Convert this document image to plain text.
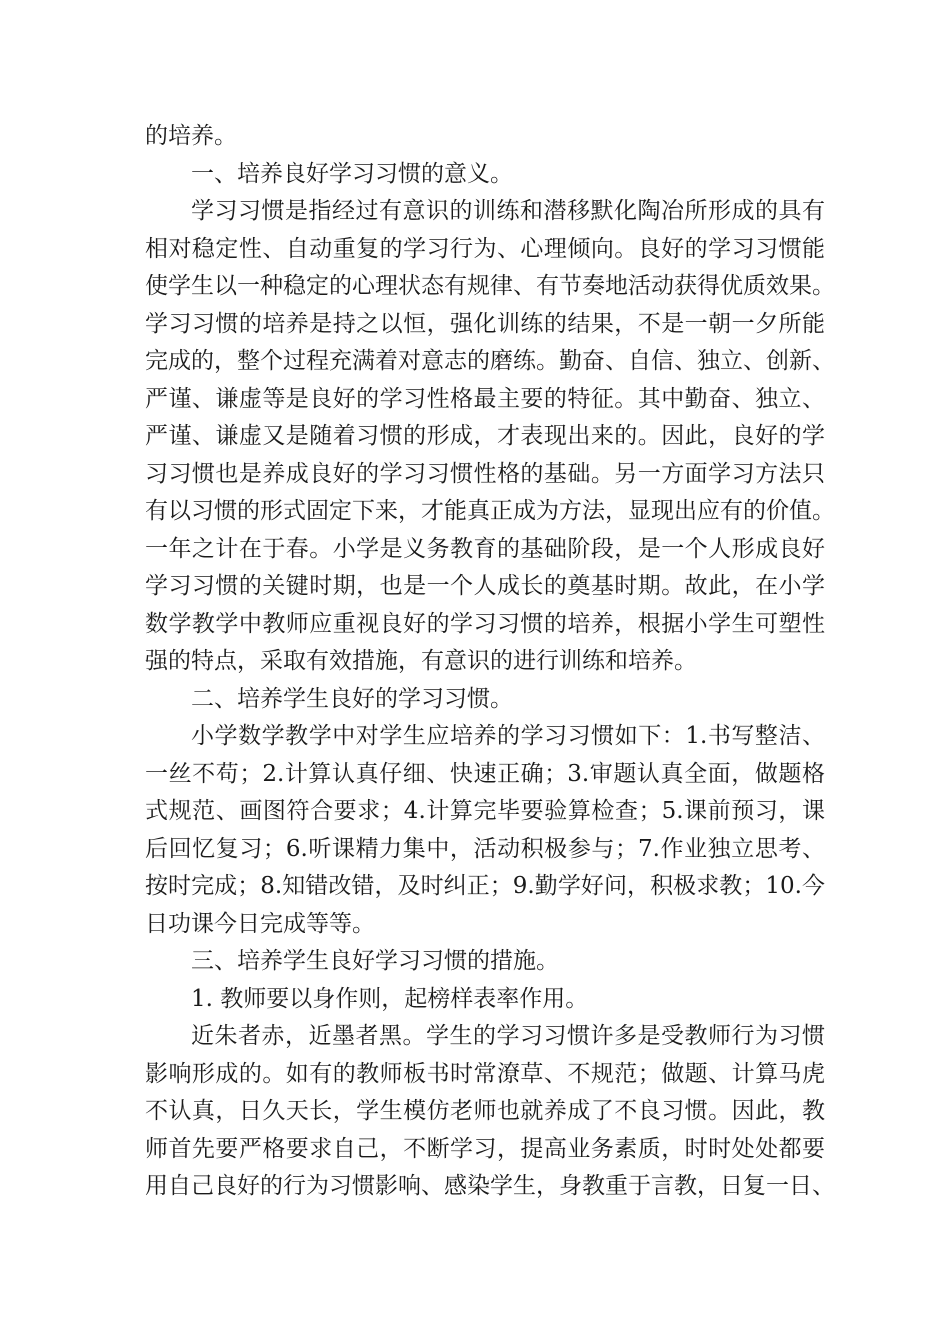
的培养。
一、培养良好学习习惯的意义。
学习习惯是指经过有意识的训练和潜移默化陶冶所形成的具有
相对稳定性、自动重复的学习行为、心理倾向。良好的学习习惯能
使学生以一种稳定的心理状态有规律、有节奏地活动获得优质效果。
学习习惯的培养是持之以恒，强化训练的结果，不是一朝一夕所能
完成的，整个过程充满着对意志的磨练。勤奋、自信、独立、创新、
严谨、谦虚等是良好的学习性格最主要的特征。其中勤奋、独立、
严谨、谦虚又是随着习惯的形成，才表现出来的。因此，良好的学
习习惯也是养成良好的学习习惯性格的基础。另一方面学习方法只
有以习惯的形式固定下来，才能真正成为方法，显现出应有的价值。
一年之计在于春。小学是义务教育的基础阶段，是一个人形成良好
学习习惯的关键时期，也是一个人成长的奠基时期。故此，在小学
数学教学中教师应重视良好的学习习惯的培养，根据小学生可塑性
强的特点，采取有效措施，有意识的进行训练和培养。
二、培养学生良好的学习习惯。
小学数学教学中对学生应培养的学习习惯如下：1.书写整洁、
一丝不苟；2.计算认真仔细、快速正确；3.审题认真全面，做题格
式规范、画图符合要求；4.计算完毕要验算检查；5.课前预习，课
后回忆复习；6.听课精力集中，活动积极参与；7.作业独立思考、
按时完成；8.知错改错，及时纠正；9.勤学好问，积极求教；10.今
日功课今日完成等等。
三、培养学生良好学习习惯的措施。
1. 教师要以身作则，起榜样表率作用。
近朱者赤，近墨者黑。学生的学习习惯许多是受教师行为习惯
影响形成的。如有的教师板书时常潦草、不规范；做题、计算马虎
不认真，日久天长，学生模仿老师也就养成了不良习惯。因此，教
师首先要严格要求自己，不断学习，提高业务素质，时时处处都要
用自己良好的行为习惯影响、感染学生，身教重于言教，日复一日、
